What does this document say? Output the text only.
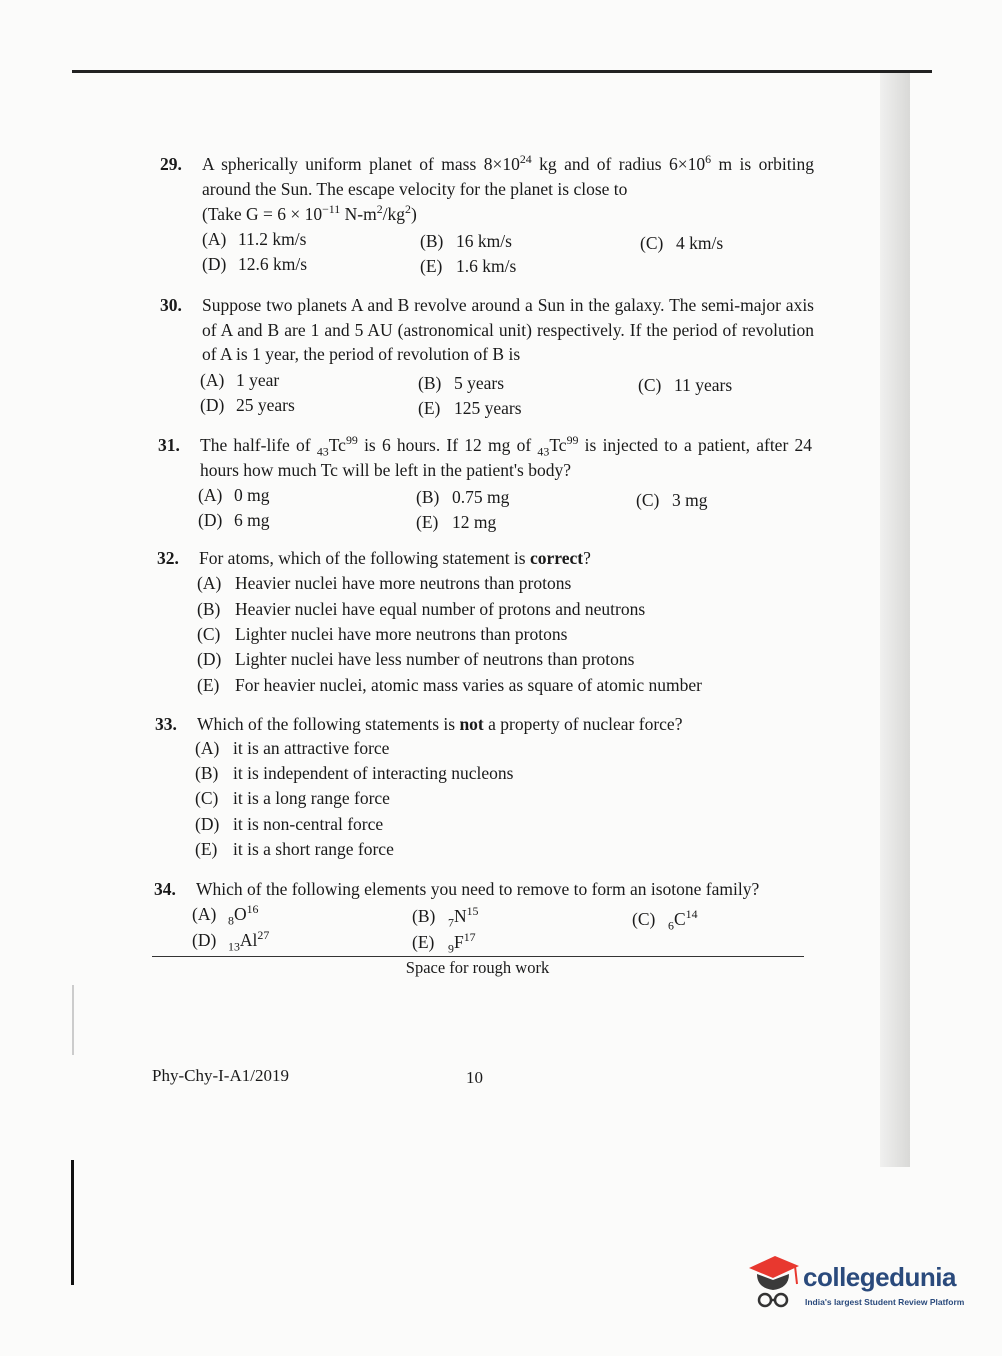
29. A spherically uniform planet of mass $8\times 10^{24}$ kg and of radius $6\times 10^6$ m is orbiting around the Sun. The escape velocity for the planet is close to
(Take $G = 6 \times 10^{-11}$ $N-m^2/kg^2$)
(A) 11.2 km/s	(B) 16 km/s	(C) 4 km/s
(D) 12.6 km/s	(E) 1.6 km/s
30. Suppose two planets A and B revolve around a Sun in the galaxy. The semi-major axis of A and B are 1 and 5 AU (astronomical unit) respectively. If the period of revolution of A is 1 year, the period of revolution of B is
(A) 1 year	(B) 5 years	(C) 11 years
(D) 25 years	(E) 125 years
31. The half-life of $_{43}Tc^{99}$ is 6 hours. If 12 mg of $_{43}Tc^{99}$ is injected to a patient, after 24 hours how much Tc will be left in the patient's body?
(A) 0 mg	(B) 0.75 mg	(C) 3 mg
(D) 6 mg	(E) 12 mg
32. For atoms, which of the following statement is correct?
(A) Heavier nuclei have more neutrons than protons
(B) Heavier nuclei have equal number of protons and neutrons
(C) Lighter nuclei have more neutrons than protons
(D) Lighter nuclei have less number of neutrons than protons
(E) For heavier nuclei, atomic mass varies as square of atomic number
33. Which of the following statements is not a property of nuclear force?
(A) it is an attractive force
(B) it is independent of interacting nucleons
(C) it is a long range force
(D) it is non-central force
(E) it is a short range force
34. Which of the following elements you need to remove to form an isotone family?
(A) $_8O^{16}$	(B) $_7N^{15}$	(C) $_6C^{14}$
(D) $_{13}Al^{27}$	(E) $_9F^{17}$
Space for rough work
Phy-Chy-I-A1/2019	10
collegedunia
India's largest Student Review Platform
